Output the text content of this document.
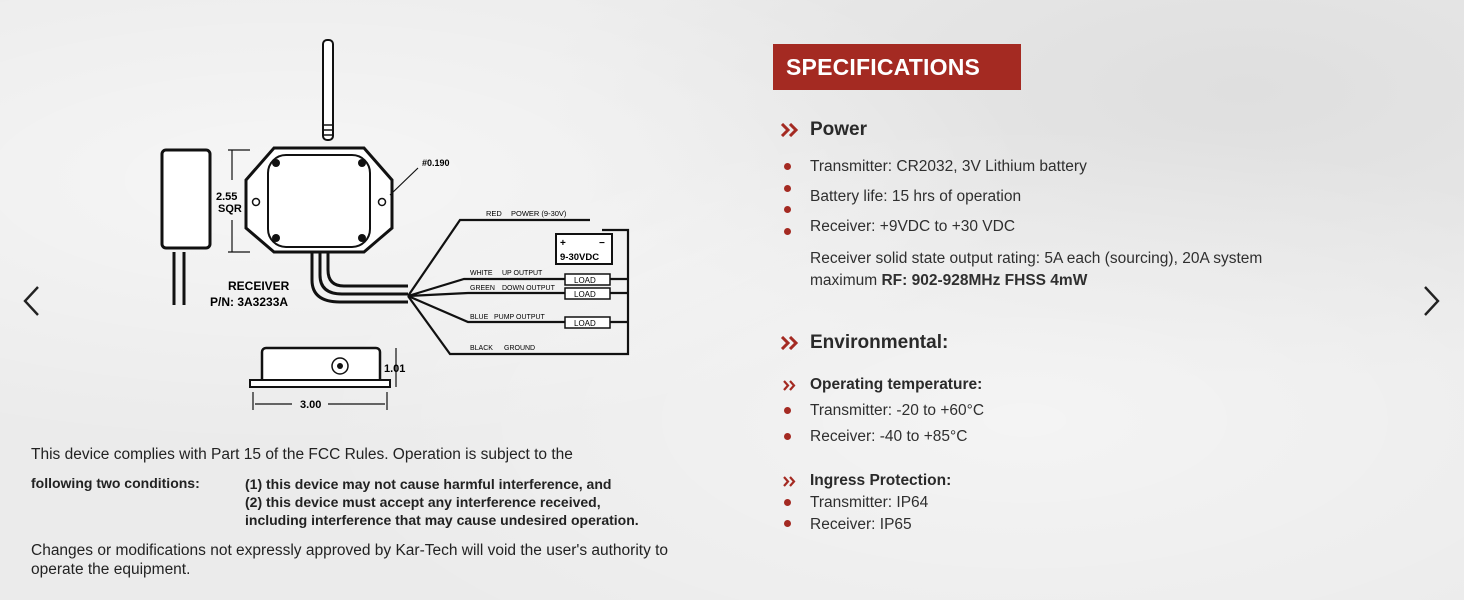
2.55
SQR
#0.190
RED POWER (9-30V)
+	−
9-30VDC
WHITE UP OUTPUT
GREEN DOWN OUTPUT
BLUE PUMP OUTPUT
BLACK GROUND
LOAD
LOAD
LOAD
RECEIVER
P/N: 3A3233A
1.01
3.00
This device complies with Part 15 of the FCC Rules. Operation is subject to the
following two conditions:	(1) this device may not cause harmful interference, and
(2) this device must accept any interference received,
including interference that may cause undesired operation.
Changes or modifications not expressly approved by Kar-Tech will void the user's authority to operate the equipment.
SPECIFICATIONS
Power
Transmitter: CR2032, 3V Lithium battery
Battery life: 15 hrs of operation
Receiver: +9VDC to +30 VDC
Receiver solid state output rating: 5A each (sourcing), 20A system
maximum RF: 902-928MHz FHSS 4mW
Environmental:
Operating temperature:
Transmitter: -20 to +60°C
Receiver: -40 to +85°C
Ingress Protection:
Transmitter: IP64
Receiver: IP65
